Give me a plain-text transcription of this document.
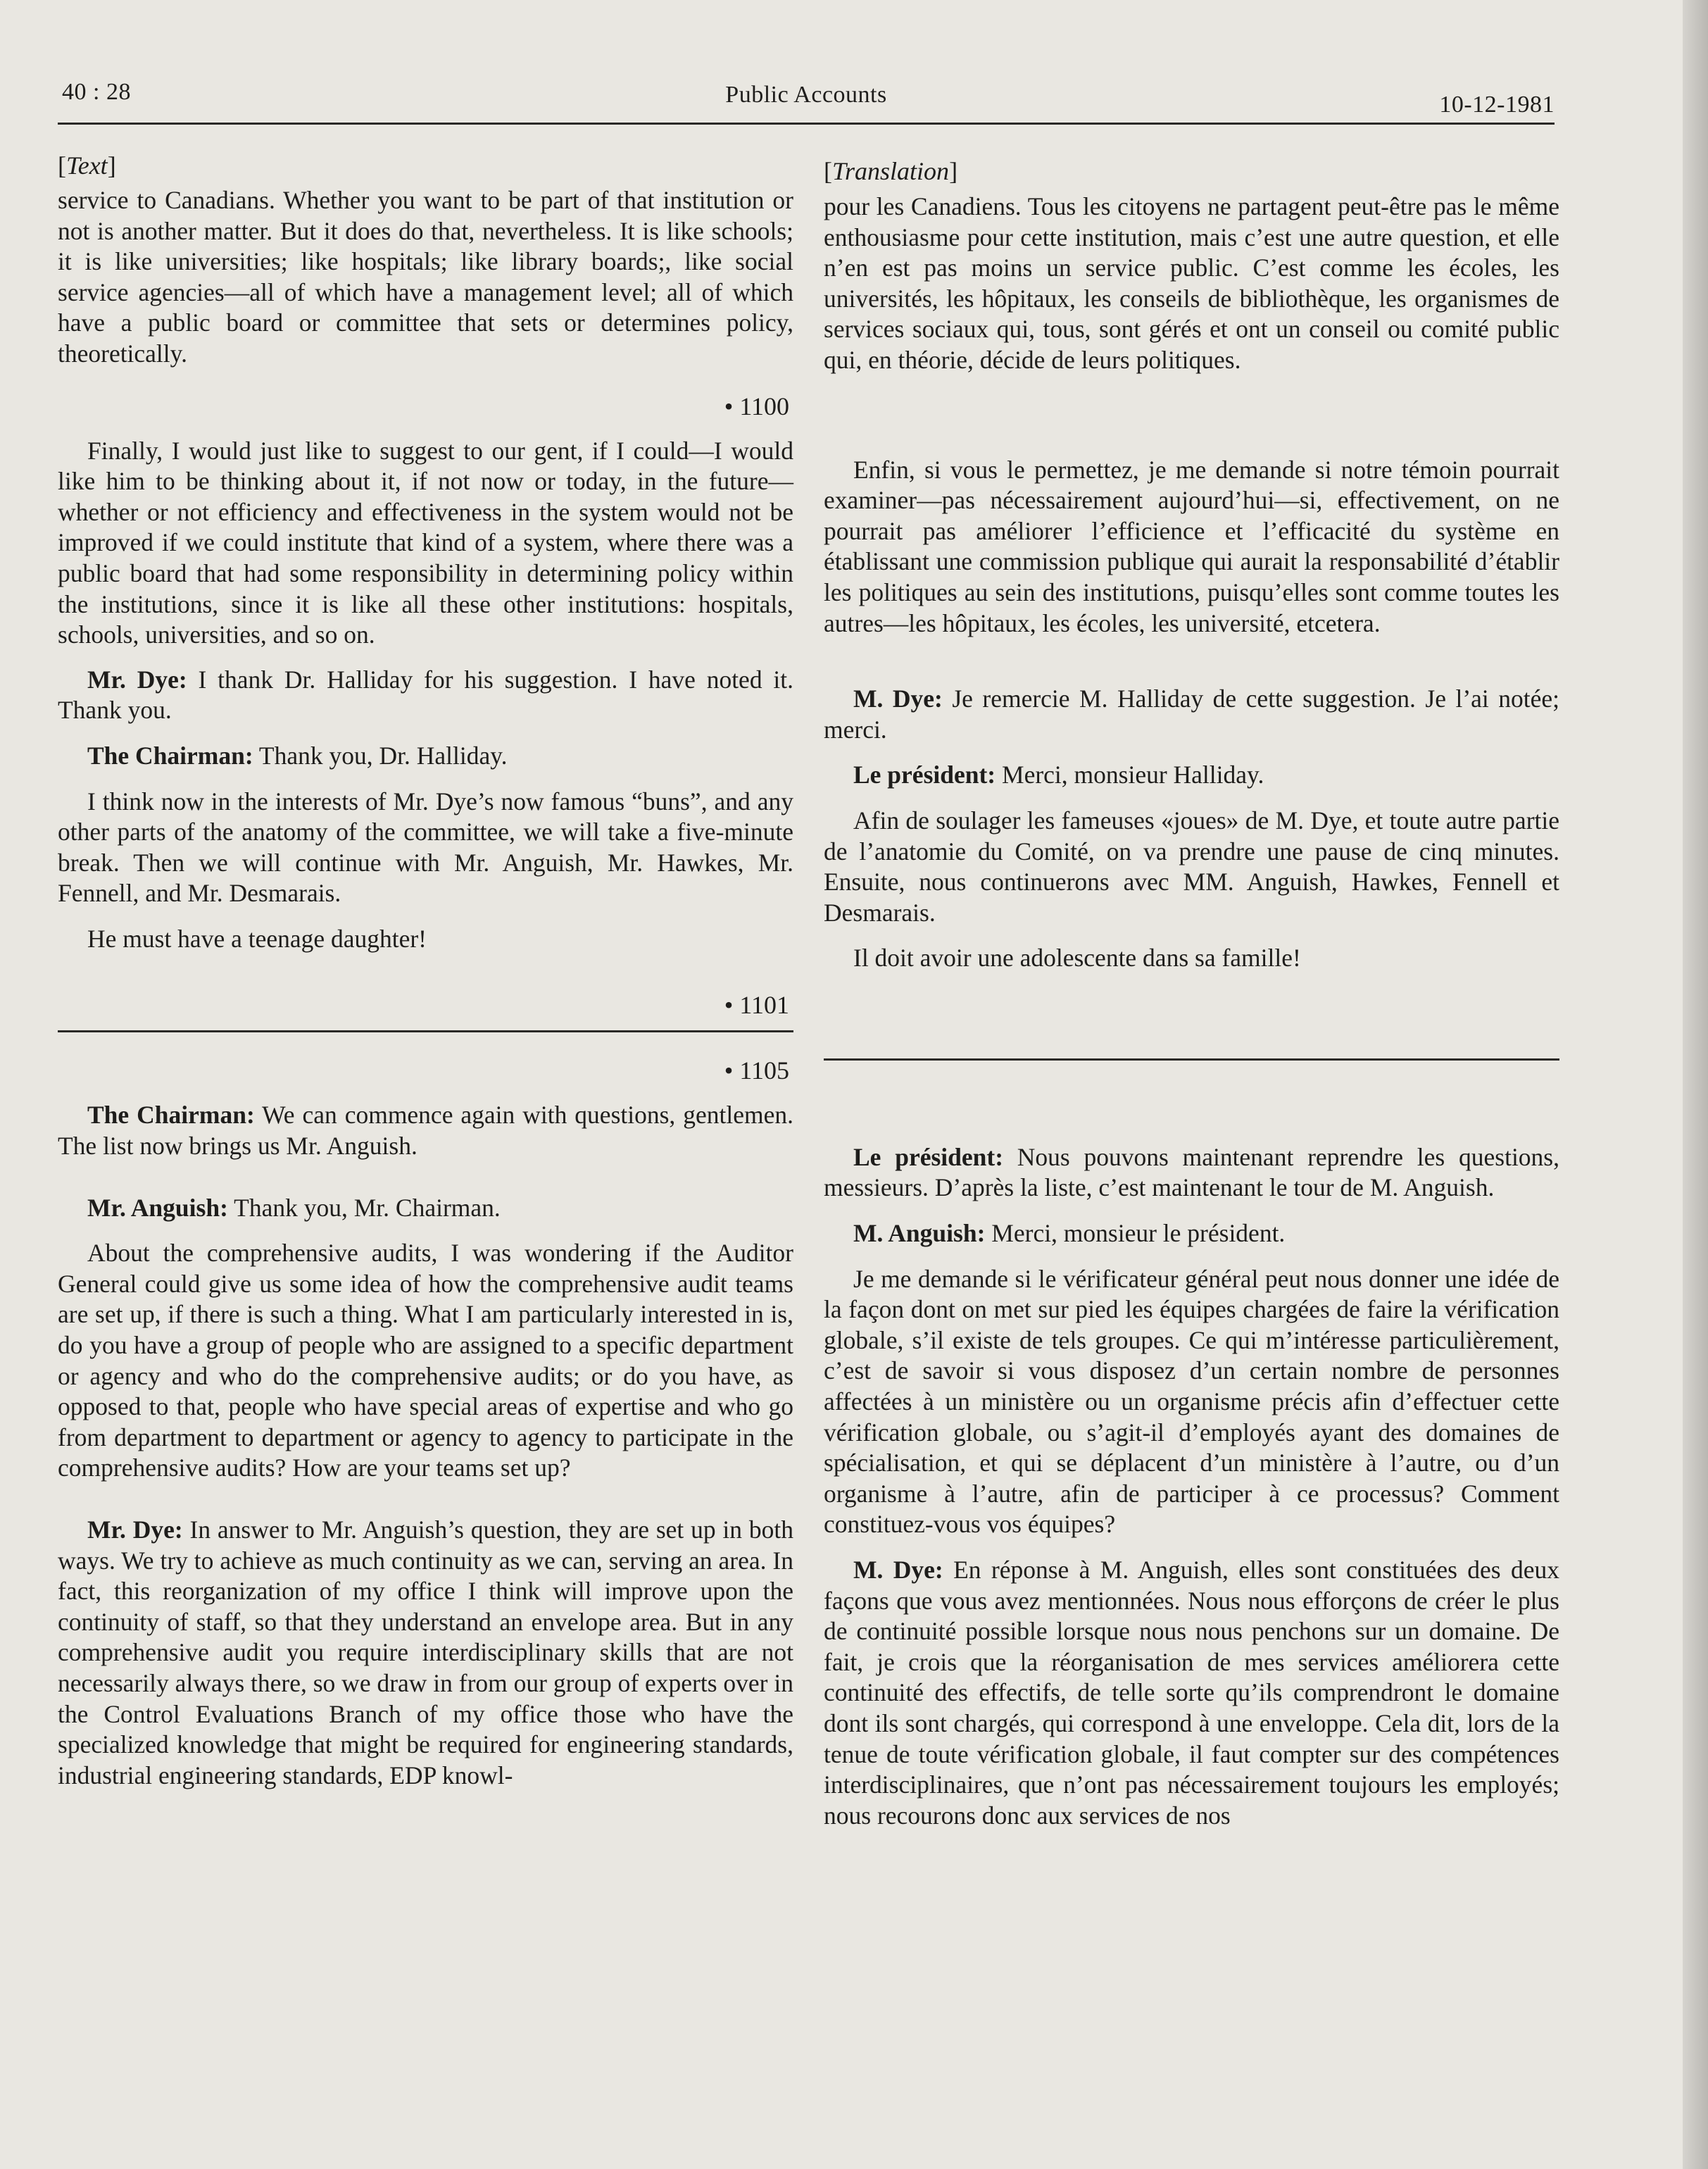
40 : 28	Public Accounts	10-12-1981
[Text]

service to Canadians. Whether you want to be part of that institution or not is another matter. But it does do that, nevertheless. It is like schools; it is like universities; like hospitals; like library boards;, like social service agencies—all of which have a management level; all of which have a public board or committee that sets or determines policy, theoretically.

• 1100

Finally, I would just like to suggest to our gent, if I could—I would like him to be thinking about it, if not now or today, in the future—whether or not efficiency and effectiveness in the system would not be improved if we could institute that kind of a system, where there was a public board that had some responsibility in determining policy within the institutions, since it is like all these other institutions: hospitals, schools, universities, and so on.

Mr. Dye: I thank Dr. Halliday for his suggestion. I have noted it. Thank you.

The Chairman: Thank you, Dr. Halliday.

I think now in the interests of Mr. Dye’s now famous “buns”, and any other parts of the anatomy of the committee, we will take a five-minute break. Then we will continue with Mr. Anguish, Mr. Hawkes, Mr. Fennell, and Mr. Desmarais.

He must have a teenage daughter!

• 1101

• 1105

The Chairman: We can commence again with questions, gentlemen. The list now brings us Mr. Anguish.

Mr. Anguish: Thank you, Mr. Chairman.

About the comprehensive audits, I was wondering if the Auditor General could give us some idea of how the comprehensive audit teams are set up, if there is such a thing. What I am particularly interested in is, do you have a group of people who are assigned to a specific department or agency and who do the comprehensive audits; or do you have, as opposed to that, people who have special areas of expertise and who go from department to department or agency to agency to participate in the comprehensive audits? How are your teams set up?

Mr. Dye: In answer to Mr. Anguish’s question, they are set up in both ways. We try to achieve as much continuity as we can, serving an area. In fact, this reorganization of my office I think will improve upon the continuity of staff, so that they understand an envelope area. But in any comprehensive audit you require interdisciplinary skills that are not necessarily always there, so we draw in from our group of experts over in the Control Evaluations Branch of my office those who have the specialized knowledge that might be required for engineering standards, industrial engineering standards, EDP knowl-

[Translation]

pour les Canadiens. Tous les citoyens ne partagent peut-être pas le même enthousiasme pour cette institution, mais c’est une autre question, et elle n’en est pas moins un service public. C’est comme les écoles, les universités, les hôpitaux, les conseils de bibliothèque, les organismes de services sociaux qui, tous, sont gérés et ont un conseil ou comité public qui, en théorie, décide de leurs politiques.

Enfin, si vous le permettez, je me demande si notre témoin pourrait examiner—pas nécessairement aujourd’hui—si, effectivement, on ne pourrait pas améliorer l’efficience et l’efficacité du système en établissant une commission publique qui aurait la responsabilité d’établir les politiques au sein des institutions, puisqu’elles sont comme toutes les autres—les hôpitaux, les écoles, les université, etcetera.

M. Dye: Je remercie M. Halliday de cette suggestion. Je l’ai notée; merci.

Le président: Merci, monsieur Halliday.

Afin de soulager les fameuses «joues» de M. Dye, et toute autre partie de l’anatomie du Comité, on va prendre une pause de cinq minutes. Ensuite, nous continuerons avec MM. Anguish, Hawkes, Fennell et Desmarais.

Il doit avoir une adolescente dans sa famille!

Le président: Nous pouvons maintenant reprendre les questions, messieurs. D’après la liste, c’est maintenant le tour de M. Anguish.

M. Anguish: Merci, monsieur le président.

Je me demande si le vérificateur général peut nous donner une idée de la façon dont on met sur pied les équipes chargées de faire la vérification globale, s’il existe de tels groupes. Ce qui m’intéresse particulièrement, c’est de savoir si vous disposez d’un certain nombre de personnes affectées à un ministère ou un organisme précis afin d’effectuer cette vérification globale, ou s’agit-il d’employés ayant des domaines de spécialisation, et qui se déplacent d’un ministère à l’autre, ou d’un organisme à l’autre, afin de participer à ce processus? Comment constituez-vous vos équipes?

M. Dye: En réponse à M. Anguish, elles sont constituées des deux façons que vous avez mentionnées. Nous nous efforçons de créer le plus de continuité possible lorsque nous nous penchons sur un domaine. De fait, je crois que la réorganisation de mes services améliorera cette continuité des effectifs, de telle sorte qu’ils comprendront le domaine dont ils sont chargés, qui correspond à une enveloppe. Cela dit, lors de la tenue de toute vérification globale, il faut compter sur des compétences interdisciplinaires, que n’ont pas nécessairement toujours les employés; nous recourons donc aux services de nos
